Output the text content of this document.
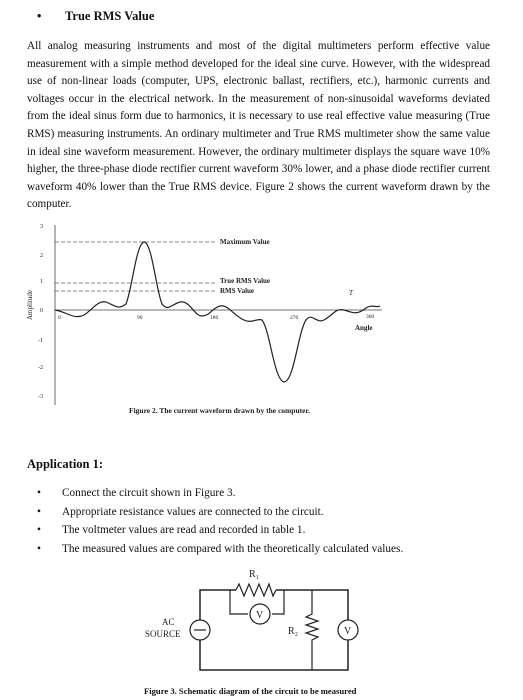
• True RMS Value
All analog measuring instruments and most of the digital multimeters perform effective value measurement with a simple method developed for the ideal sine curve. However, with the widespread use of non-linear loads (computer, UPS, electronic ballast, rectifiers, etc.), harmonic currents and voltages occur in the electrical network. In the measurement of non-sinusoidal waveforms deviated from the ideal sinus form due to harmonics, it is necessary to use real effective value measuring (True RMS) measuring instruments. An ordinary multimeter and True RMS multimeter show the same value in ideal sine waveform measurement. However, the ordinary multimeter displays the square wave 10% higher, the three-phase diode rectifier current waveform 30% lower, and a phase diode rectifier current waveform 40% lower than the True RMS device. Figure 2 shows the current waveform drawn by the computer.
3
2
1
0
-1
-2
-3
Amplitude	0	90	180	270	360
Maximum Value
True RMS Value
RMS Value
Angle
T
Figure 2. The current waveform drawn by the computer.
Application 1:
• Connect the circuit shown in Figure 3.
• Appropriate resistance values are connected to the circuit.
• The voltmeter values are read and recorded in table 1.
• The measured values are compared with the theoretically calculated values.
R₁
V
R₂	V
AC
SOURCE
Figure 3. Schematic diagram of the circuit to be measured
